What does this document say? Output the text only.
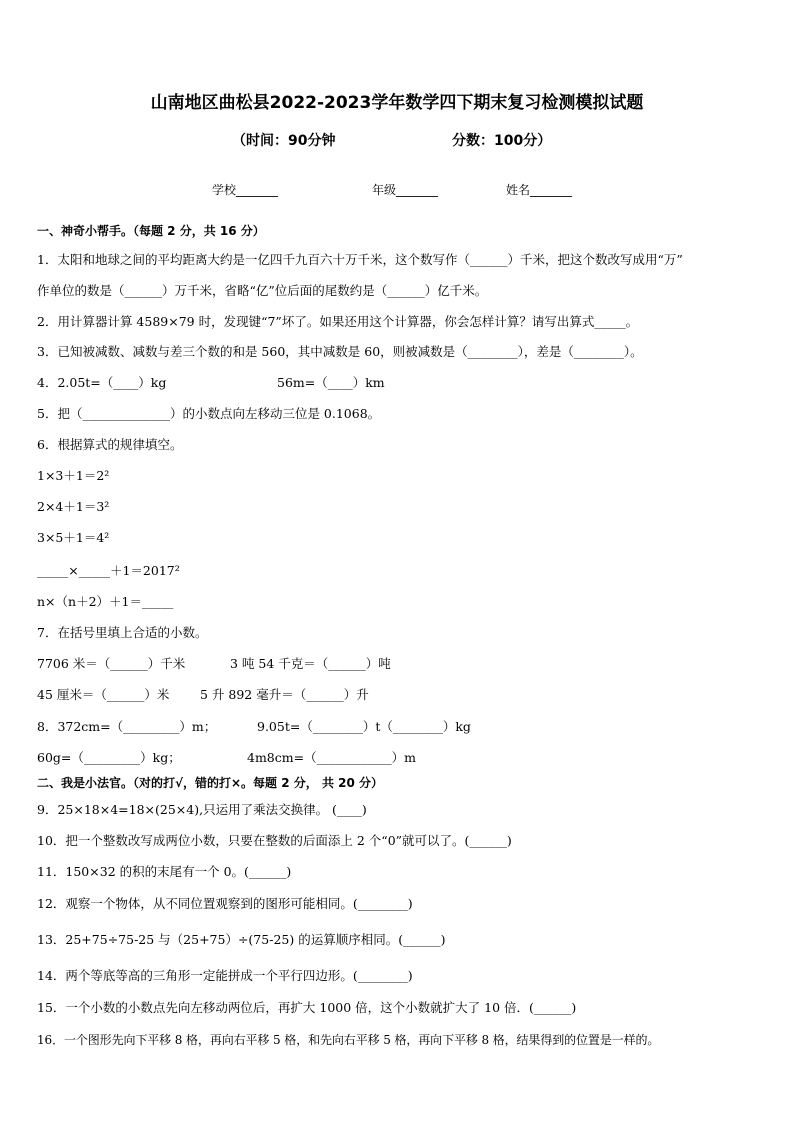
山南地区曲松县2022-2023学年数学四下期末复习检测模拟试题
（时间：90分钟	分数：100分）
学校_______	年级_______	姓名_______
一、神奇小帮手。（每题 2 分，共 16 分）
1．太阳和地球之间的平均距离大约是一亿四千九百六十万千米，这个数写作（______）千米，把这个数改写成用“万”
作单位的数是（______）万千米，省略“亿”位后面的尾数约是（______）亿千米。
2．用计算器计算 4589×79 时，发现键“7”坏了。如果还用这个计算器，你会怎样计算？请写出算式_____。
3．已知被减数、减数与差三个数的和是 560，其中减数是 60，则被减数是（________），差是（________）。
4．2.05t=（____）kg	56m=（____）km
5．把（______________）的小数点向左移动三位是 0.1068。
6．根据算式的规律填空。
1×3＋1＝2²
2×4＋1＝3²
3×5＋1＝4²
_____×_____＋1＝2017²
n×（n＋2）＋1＝_____
7．在括号里填上合适的小数。
7706 米＝（______）千米	3 吨 54 千克＝（______）吨
45 厘米＝（______）米 5 升 892 毫升＝（______）升
8．372cm=（_________）m；	9.05t=（________）t（________）kg
60g=（_________）kg；	4m8cm=（____________）m
二、我是小法官。（对的打√，错的打×。每题 2 分， 共 20 分）
9．25×18×4=18×(25×4),只运用了乘法交换律。 (____)
10．把一个整数改写成两位小数，只要在整数的后面添上 2 个“0”就可以了。(______)
11．150×32 的积的末尾有一个 0。(______)
12．观察一个物体，从不同位置观察到的图形可能相同。(________)
13．25+75÷75-25 与（25+75）÷(75-25) 的运算顺序相同。(______)
14．两个等底等高的三角形一定能拼成一个平行四边形。(________)
15．一个小数的小数点先向左移动两位后，再扩大 1000 倍，这个小数就扩大了 10 倍．(______)
16．一个图形先向下平移 8 格，再向右平移 5 格，和先向右平移 5 格，再向下平移 8 格，结果得到的位置是一样的。
